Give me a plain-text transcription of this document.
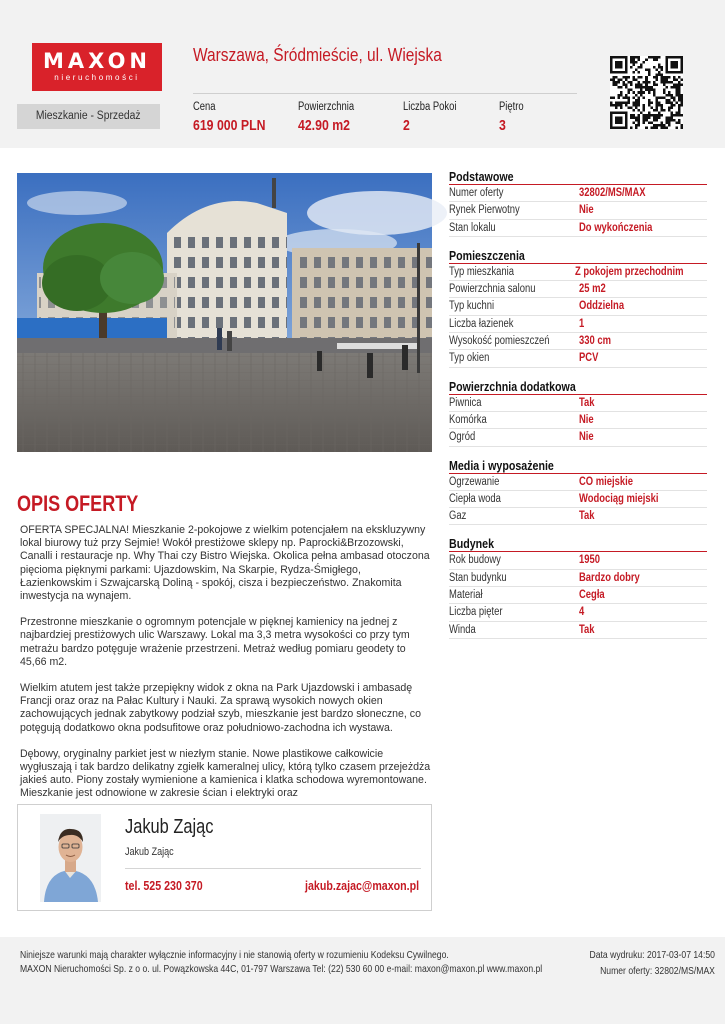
MAXON
nieruchomości
Warszawa, Śródmieście, ul. Wiejska
Mieszkanie - Sprzedaż
Cena
619 000 PLN
Powierzchnia
42.90 m2
Liczba Pokoi
2
Piętro
3
OPIS OFERTY

OFERTA SPECJALNA! Mieszkanie 2-pokojowe z wielkim potencjałem na ekskluzywny lokal biurowy tuż przy Sejmie! Wokół prestiżowe sklepy np. Paprocki&Brzozowski, Canalli i restauracje np. Why Thai czy Bistro Wiejska. Okolica pełna ambasad otoczona pięcioma pięknymi parkami: Ujazdowskim, Na Skarpie, Rydza-Śmigłego, Łazienkowskim i Szwajcarską Doliną - spokój, cisza i bezpieczeństwo. Znakomita inwestycja na wynajem.

Przestronne mieszkanie o ogromnym potencjale w pięknej kamienicy na jednej z najbardziej prestiżowych ulic Warszawy. Lokal ma 3,3 metra wysokości co przy tym metrażu bardzo potęguje wrażenie przestrzeni. Metraż według pomiaru geodety to 45,66 m2.

Wielkim atutem jest także przepiękny widok z okna na Park Ujazdowski i ambasadę Francji oraz oraz na Pałac Kultury i Nauki. Za sprawą wysokich nowych okien zachowujących jednak zabytkowy podział szyb, mieszkanie jest bardzo słoneczne, co potęgują dodatkowo okna podsufitowe oraz południowo-zachodna ich wystawa.

Dębowy, oryginalny parkiet jest w niezłym stanie. Nowe plastikowe całkowicie wygłuszają i tak bardzo delikatny zgiełk kameralnej ulicy, którą tylko czasem przejeżdża jakieś auto. Piony zostały wymienione a kamienica i klatka schodowa wyremontowane. Mieszkanie jest odnowione w zakresie ścian i elektryki oraz

Jakub Zając
Jakub Zając
tel. 525 230 370	jakub.zajac@maxon.pl
Podstawowe
Numer oferty	32802/MS/MAX
Rynek Pierwotny	Nie
Stan lokalu	Do wykończenia
Pomieszczenia
Typ mieszkania	Z pokojem przechodnim
Powierzchnia salonu	25 m2
Typ kuchni	Oddzielna
Liczba łazienek	1
Wysokość pomieszczeń	330 cm
Typ okien	PCV
Powierzchnia dodatkowa
Piwnica	Tak
Komórka	Nie
Ogród	Nie
Media i wyposażenie
Ogrzewanie	CO miejskie
Ciepła woda	Wodociąg miejski
Gaz	Tak
Budynek
Rok budowy	1950
Stan budynku	Bardzo dobry
Materiał	Cegła
Liczba pięter	4
Winda	Tak
Niniejsze warunki mają charakter wyłącznie informacyjny i nie stanowią oferty w rozumieniu Kodeksu Cywilnego.
MAXON Nieruchomości Sp. z o o. ul. Powązkowska 44C, 01-797 Warszawa Tel: (22) 530 60 00 e-mail: maxon@maxon.pl www.maxon.pl
Data wydruku: 2017-03-07 14:50
Numer oferty: 32802/MS/MAX
